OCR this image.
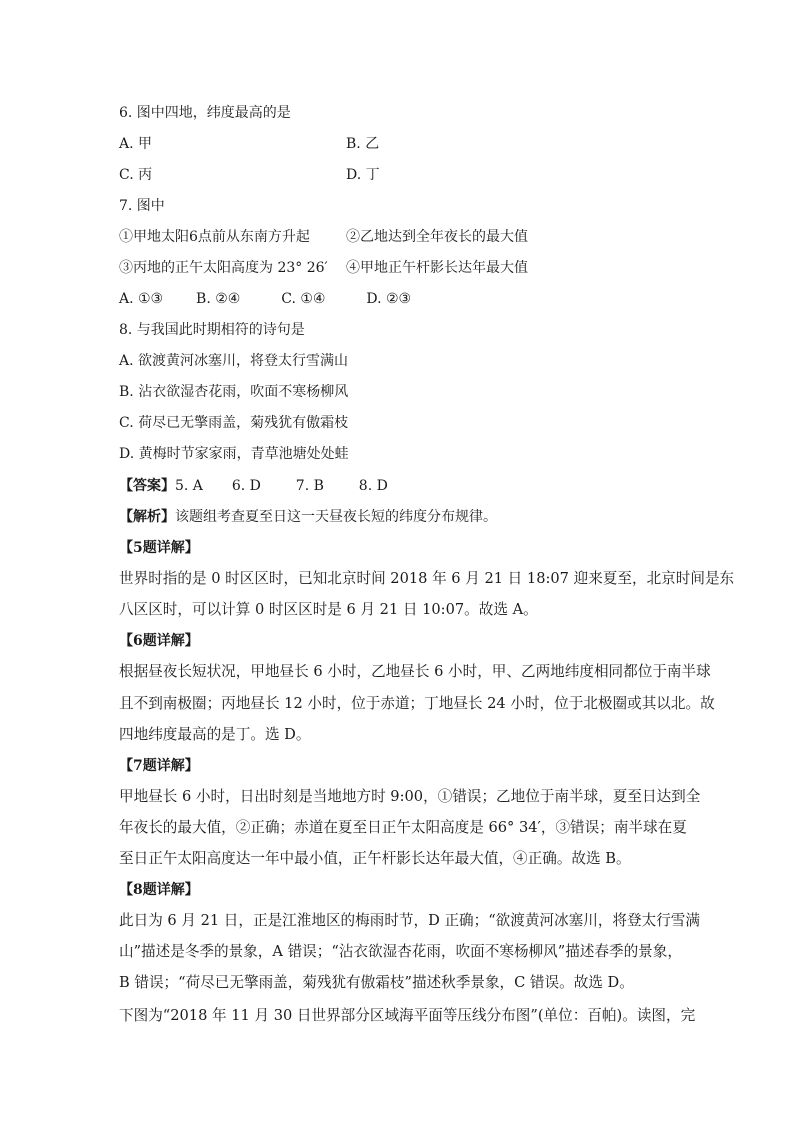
6. 图中四地，纬度最高的是
A. 甲	B. 乙
C. 丙	D. 丁
7. 图中
①甲地太阳6点前从东南方升起	②乙地达到全年夜长的最大值
③丙地的正午太阳高度为 23° 26′ ④甲地正午杆影长达年最大值
A. ①③ B. ②④	C. ①④	D. ②③
8. 与我国此时期相符的诗句是
A. 欲渡黄河冰塞川，将登太行雪满山
B. 沾衣欲湿杏花雨，吹面不寒杨柳风
C. 荷尽已无擎雨盖，菊残犹有傲霜枝
D. 黄梅时节家家雨，青草池塘处处蛙
【答案】5. A 6. D 7. B 8. D
【解析】该题组考查夏至日这一天昼夜长短的纬度分布规律。
【5题详解】
世界时指的是 0 时区区时，已知北京时间 2018 年 6 月 21 日 18:07 迎来夏至，北京时间是东
八区区时，可以计算 0 时区区时是 6 月 21 日 10:07。故选 A。
【6题详解】
根据昼夜长短状况，甲地昼长 6 小时，乙地昼长 6 小时，甲、乙两地纬度相同都位于南半球
且不到南极圈；丙地昼长 12 小时，位于赤道；丁地昼长 24 小时，位于北极圈或其以北。故
四地纬度最高的是丁。选 D。
【7题详解】
甲地昼长 6 小时，日出时刻是当地地方时 9:00，①错误；乙地位于南半球，夏至日达到全
年夜长的最大值，②正确；赤道在夏至日正午太阳高度是 66° 34′，③错误；南半球在夏
至日正午太阳高度达一年中最小值，正午杆影长达年最大值，④正确。故选 B。
【8题详解】
此日为 6 月 21 日，正是江淮地区的梅雨时节，D 正确；“欲渡黄河冰塞川，将登太行雪满
山”描述是冬季的景象，A 错误；“沾衣欲湿杏花雨，吹面不寒杨柳风”描述春季的景象，
B 错误；“荷尽已无擎雨盖，菊残犹有傲霜枝”描述秋季景象，C 错误。故选 D。
下图为“2018 年 11 月 30 日世界部分区域海平面等压线分布图”(单位：百帕)。读图，完
